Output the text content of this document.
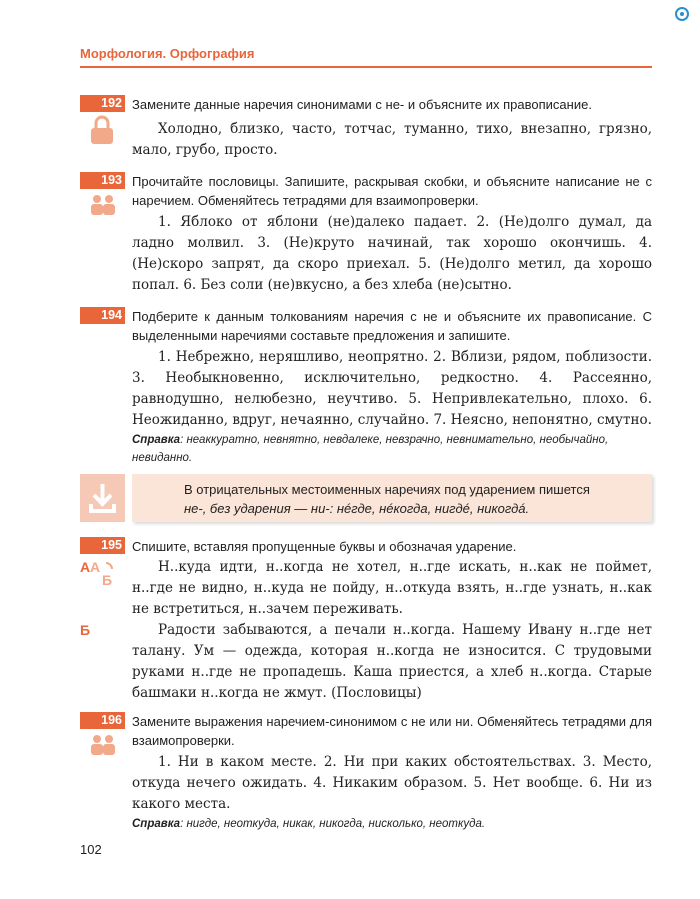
Морфология. Орфография
192 Замените данные наречия синонимами с не- и объясните их правописание.
Холодно, близко, часто, тотчас, туманно, тихо, внезапно, грязно, мало, грубо, просто.
193 Прочитайте пословицы. Запишите, раскрывая скобки, и объясните написание не с наречием. Обменяйтесь тетрадями для взаимопроверки.
1. Яблоко от яблони (не)далеко падает. 2. (Не)долго думал, да ладно молвил. 3. (Не)круто начинай, так хорошо окончишь. 4. (Не)скоро запрят, да скоро приехал. 5. (Не)долго метил, да хорошо попал. 6. Без соли (не)вкусно, а без хлеба (не)сытно.
194 Подберите к данным толкованиям наречия с не и объясните их правописание. С выделенными наречиями составьте предложения и запишите.
1. Небрежно, неряшливо, неопрятно. 2. Вблизи, рядом, поблизости. 3. Необыкновенно, исключительно, редкостно. 4. Рассеянно, равнодушно, нелюбезно, неучтиво. 5. Непривлекательно, плохо. 6. Неожиданно, вдруг, нечаянно, случайно. 7. Неясно, непонятно, смутно.
Справка: неаккуратно, невнятно, невдалеке, невзрачно, невнимательно, необычайно, невиданно.
В отрицательных местоименных наречиях под ударением пишется
не-, без ударения — ни-: нéгде, нéкогда, нигдé, никогдá.
195
А
Б
Спишите, вставляя пропущенные буквы и обозначая ударение.
А	Н..куда идти, н..когда не хотел, н..где искать, н..как не поймет, н..где не видно, н..куда не пойду, н..откуда взять, н..где узнать, н..как не встретиться, н..зачем переживать.
Б	Радости забываются, а печали н..когда. Нашему Ивану н..где нет талану. Ум — одежда, которая н..когда не износится. С трудовыми руками н..где не пропадешь. Каша приестся, а хлеб н..когда. Старые башмаки н..когда не жмут. (Пословицы)
196 Замените выражения наречием-синонимом с не или ни. Обменяйтесь тетрадями для взаимопроверки.
1. Ни в каком месте. 2. Ни при каких обстоятельствах. 3. Место, откуда нечего ожидать. 4. Никаким образом. 5. Нет вообще. 6. Ни из какого места.
Справка: нигде, неоткуда, никак, никогда, нисколько, неоткуда.
102
